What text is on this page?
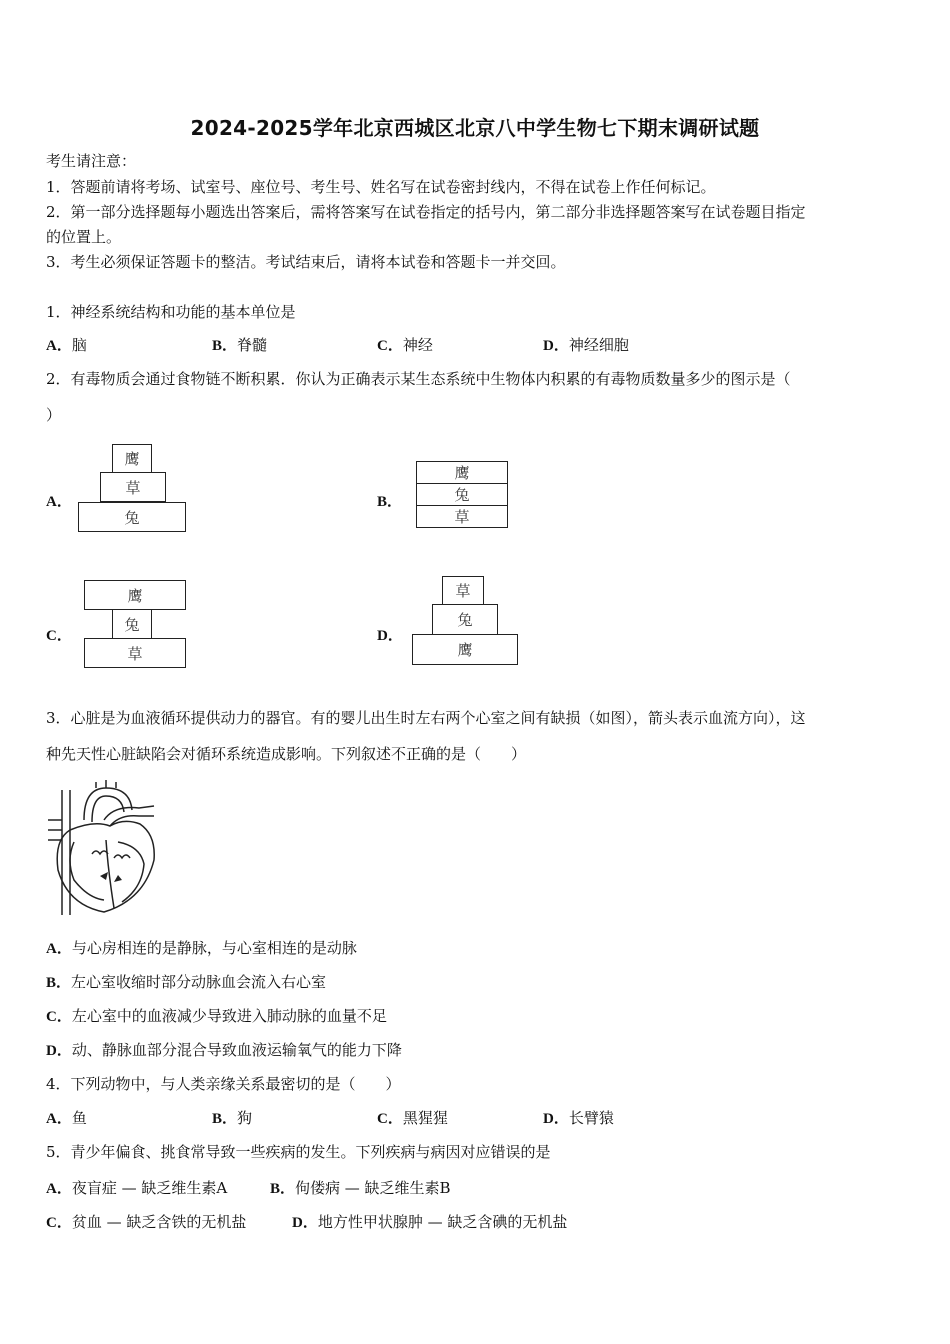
2024-2025学年北京西城区北京八中学生物七下期末调研试题
考生请注意：
1．答题前请将考场、试室号、座位号、考生号、姓名写在试卷密封线内，不得在试卷上作任何标记。
2．第一部分选择题每小题选出答案后，需将答案写在试卷指定的括号内，第二部分非选择题答案写在试卷题目指定
的位置上。
3．考生必须保证答题卡的整洁。考试结束后，请将本试卷和答题卡一并交回。
1．神经系统结构和功能的基本单位是
A．脑	B．脊髓	C．神经	D．神经细胞
2．有毒物质会通过食物链不断积累．你认为正确表示某生态系统中生物体内积累的有毒物质数量多少的图示是（
）
A．
鹰
草
兔
B．
鹰
兔
草
C．
鹰
兔
草
D．
草
兔
鹰
3．心脏是为血液循环提供动力的器官。有的婴儿出生时左右两个心室之间有缺损（如图），箭头表示血流方向），这
种先天性心脏缺陷会对循环系统造成影响。下列叙述不正确的是（　　）
A．与心房相连的是静脉，与心室相连的是动脉
B．左心室收缩时部分动脉血会流入右心室
C．左心室中的血液减少导致进入肺动脉的血量不足
D．动、静脉血部分混合导致血液运输氧气的能力下降
4．下列动物中，与人类亲缘关系最密切的是（　　）
A．鱼	B．狗	C．黑猩猩	D．长臂猿
5．青少年偏食、挑食常导致一些疾病的发生。下列疾病与病因对应错误的是
A．夜盲症 — 缺乏维生素A	B．佝偻病 — 缺乏维生素B
C．贫血 — 缺乏含铁的无机盐	D．地方性甲状腺肿 — 缺乏含碘的无机盐
